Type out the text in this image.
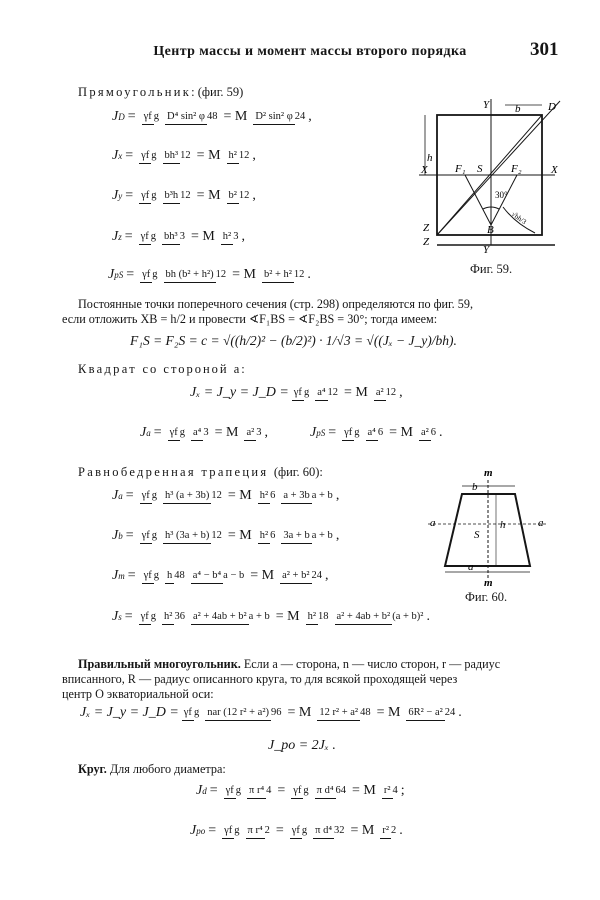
Центр массы и момент массы второго порядка	301
Прямоугольник: (фиг. 59)
J D = γf g D⁴ sin² φ 48 = M D² sin² φ 24 ,
J x = γf g bh³ 12 = M h² 12 ,
J y = γf g b³h 12 = M b² 12 ,
J z = γf g bh³ 3 = M h² 3 ,
J pS = γf g bh (b² + h²) 12 = M b² + h² 12 .
Y b	D
h
X	X
F₁ S	F₂
30°
√bh/3
B
Y
Z
Z
Фиг. 59.
Постоянные точки поперечного сечения (стр. 298) определяются по фиг. 59,
если отложить XB = h/2 и провести ∢F₁BS = ∢F₂BS = 30°; тогда имеем:
F₁S = F₂S = c = √((h/2)² − (b/2)²) · 1/√3 = √((Jₓ − J_y)/bh).
Квадрат со стороной a:
Jₓ = J_y = J_D = γf g a⁴ 12 = M a² 12 ,
J a = γf g a⁴ 3 = M a² 3 ,	J pS = γf g a⁴ 6 = M a² 6 .
Равнобедренная трапеция (фиг. 60):
J a = γf g h³ (a + 3b) 12 = M h² 6 a + 3b a + b ,
J b = γf g h³ (3a + b) 12 = M h² 6 3a + b a + b ,
J m = γf g h 48 a⁴ − b⁴ a − b = M a² + b² 24 ,
J s = γf g h² 36 a² + 4ab + b² a + b = M h² 18 a² + 4ab + b² (a + b)² .
m
b
a	h
S
a
a
m
Фиг. 60.
Правильный многоугольник. Если a — сторона, n — число сторон, r — радиус
вписанного, R — радиус описанного круга, то для всякой проходящей через
центр O экваториальной оси:
Jₓ = J_y = J_D = γf g nar (12 r² + a²) 96 = M 12 r² + a² 48 = M 6R² − a² 24 .
J_po = 2Jₓ .
Круг. Для любого диаметра:
J d = γf g π r⁴ 4 = γf g π d⁴ 64 = M r² 4 ;
J po = γf g π r⁴ 2 = γf g π d⁴ 32 = M r² 2 .
